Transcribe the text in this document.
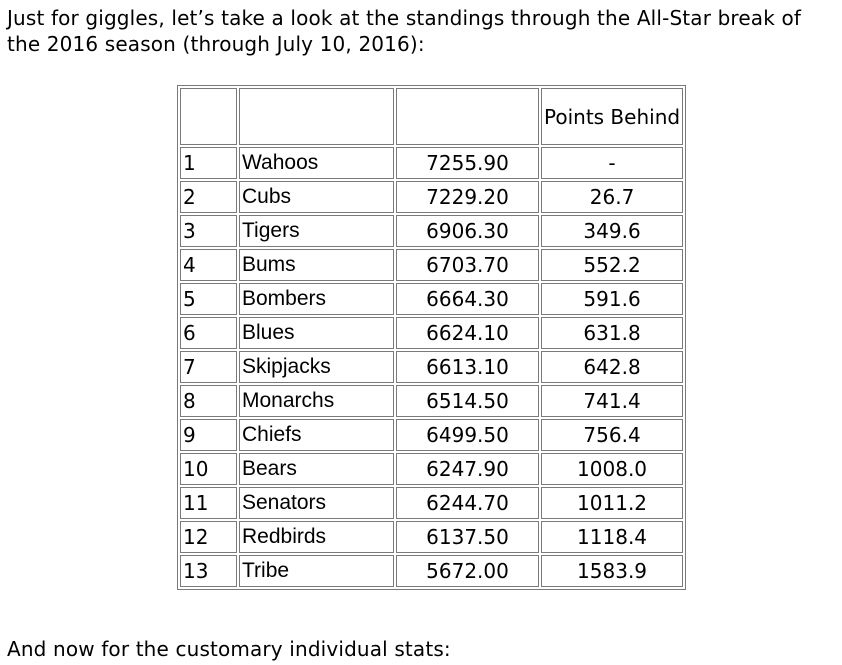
Just for giggles, let’s take a look at the standings through the All-Star break of the 2016 season (through July 10, 2016):

			Points Behind

1	Wahoos	7255.90	-
2	Cubs	7229.20	26.7
3	Tigers	6906.30	349.6
4	Bums	6703.70	552.2
5	Bombers	6664.30	591.6
6	Blues	6624.10	631.8
7	Skipjacks	6613.10	642.8
8	Monarchs	6514.50	741.4
9	Chiefs	6499.50	756.4
10	Bears	6247.90	1008.0
11	Senators	6244.70	1011.2
12	Redbirds	6137.50	1118.4
13	Tribe	5672.00	1583.9

And now for the customary individual stats:
